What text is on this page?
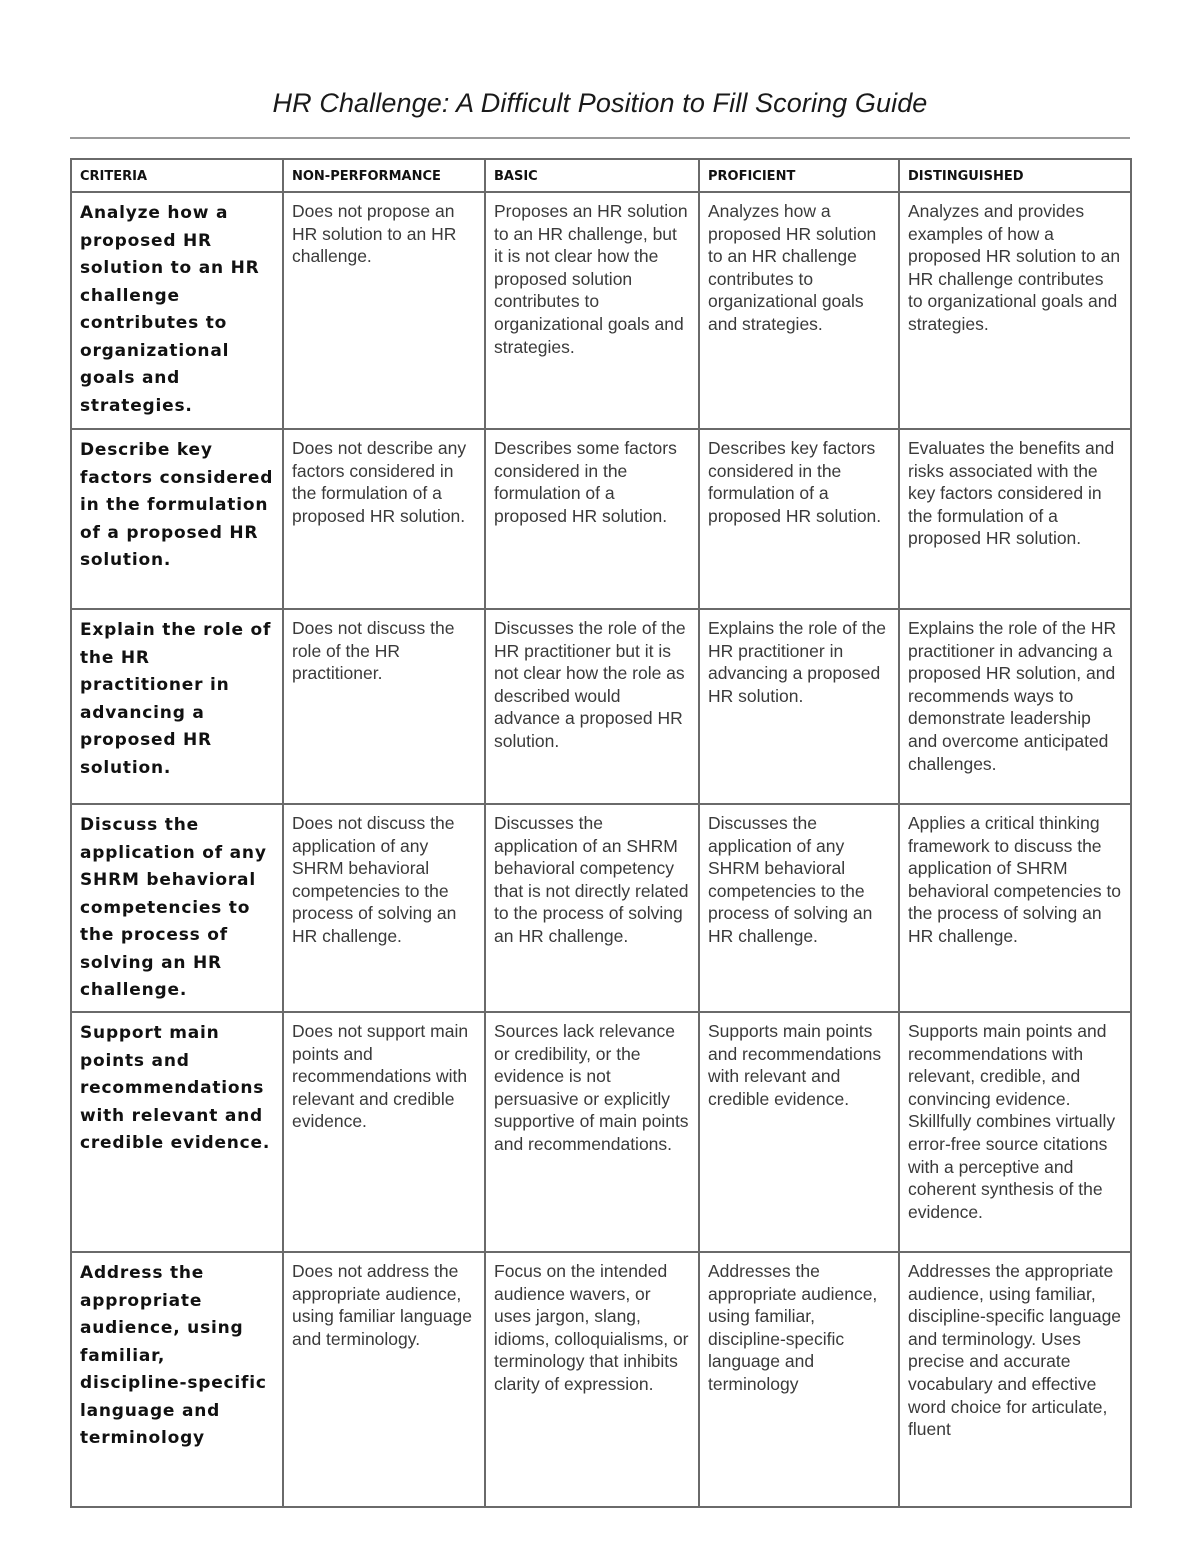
HR Challenge: A Difficult Position to Fill Scoring Guide
CRITERIA	NON-PERFORMANCE	BASIC	PROFICIENT	DISTINGUISHED
Analyze how a proposed HR solution to an HR challenge contributes to organizational goals and strategies.	Does not propose an HR solution to an HR challenge.	Proposes an HR solution to an HR challenge, but it is not clear how the proposed solution contributes to organizational goals and strategies.	Analyzes how a proposed HR solution to an HR challenge contributes to organizational goals and strategies.	Analyzes and provides examples of how a proposed HR solution to an HR challenge contributes to organizational goals and strategies.
Describe key factors considered in the formulation of a proposed HR solution.	Does not describe any factors considered in the formulation of a proposed HR solution.	Describes some factors considered in the formulation of a proposed HR solution.	Describes key factors considered in the formulation of a proposed HR solution.	Evaluates the benefits and risks associated with the key factors considered in the formulation of a proposed HR solution.
Explain the role of the HR practitioner in advancing a proposed HR solution.	Does not discuss the role of the HR practitioner.	Discusses the role of the HR practitioner but it is not clear how the role as described would advance a proposed HR solution.	Explains the role of the HR practitioner in advancing a proposed HR solution.	Explains the role of the HR practitioner in advancing a proposed HR solution, and recommends ways to demonstrate leadership and overcome anticipated challenges.
Discuss the application of any SHRM behavioral competencies to the process of solving an HR challenge.	Does not discuss the application of any SHRM behavioral competencies to the process of solving an HR challenge.	Discusses the application of an SHRM behavioral competency that is not directly related to the process of solving an HR challenge.	Discusses the application of any SHRM behavioral competencies to the process of solving an HR challenge.	Applies a critical thinking framework to discuss the application of SHRM behavioral competencies to the process of solving an HR challenge.
Support main points and recommendations with relevant and credible evidence.	Does not support main points and recommendations with relevant and credible evidence.	Sources lack relevance or credibility, or the evidence is not persuasive or explicitly supportive of main points and recommendations.	Supports main points and recommendations with relevant and credible evidence.	Supports main points and recommendations with relevant, credible, and convincing evidence. Skillfully combines virtually error-free source citations with a perceptive and coherent synthesis of the evidence.
Address the appropriate audience, using familiar, discipline-specific language and terminology	Does not address the appropriate audience, using familiar language and terminology.	Focus on the intended audience wavers, or uses jargon, slang, idioms, colloquialisms, or terminology that inhibits clarity of expression.	Addresses the appropriate audience, using familiar, discipline-specific language and terminology	Addresses the appropriate audience, using familiar, discipline-specific language and terminology. Uses precise and accurate vocabulary and effective word choice for articulate, fluent
